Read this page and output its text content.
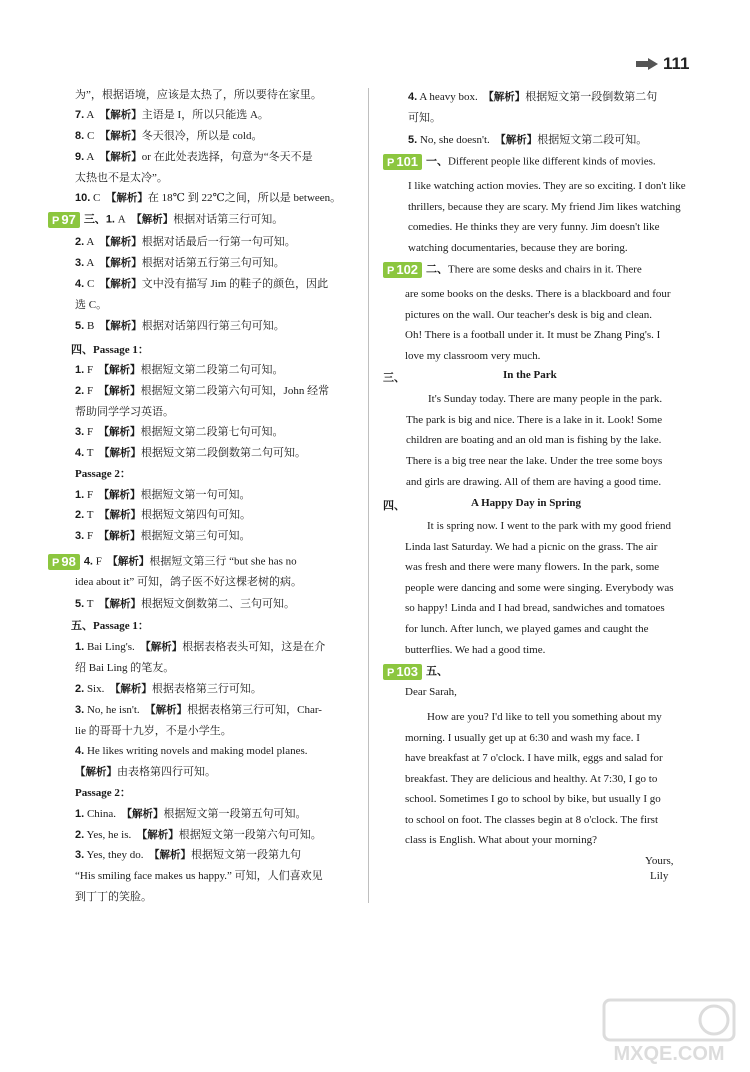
111
为”，根据语境，应该是太热了，所以要待在家里。
7. A 【解析】主语是 I，所以只能选 A。
8. C 【解析】冬天很冷，所以是 cold。
9. A 【解析】or 在此处表选择，句意为“冬天不是
太热也不是太冷”。
10. C 【解析】在 18℃ 到 22℃之间，所以是 between。
P 97 三、1. A 【解析】根据对话第三行可知。
2. A 【解析】根据对话最后一行第一句可知。
3. A 【解析】根据对话第五行第三句可知。
4. C 【解析】文中没有描写 Jim 的鞋子的颜色，因此
选 C。
5. B 【解析】根据对话第四行第三句可知。
四、Passage 1：
1. F 【解析】根据短文第二段第二句可知。
2. F 【解析】根据短文第二段第六句可知，John 经常
帮助同学学习英语。
3. F 【解析】根据短文第二段第七句可知。
4. T 【解析】根据短文第二段倒数第二句可知。
Passage 2：
1. F 【解析】根据短文第一句可知。
2. T 【解析】根据短文第四句可知。
3. F 【解析】根据短文第三句可知。
P 98 4. F 【解析】根据短文第三行 “but she has no
idea about it” 可知，鸽子医不好这棵老树的病。
5. T 【解析】根据短文倒数第二、三句可知。
五、Passage 1：
1. Bai Ling's. 【解析】根据表格表头可知，这是在介
绍 Bai Ling 的笔友。
2. Six. 【解析】根据表格第三行可知。
3. No, he isn't. 【解析】根据表格第三行可知，Char-
lie 的哥哥十九岁，不是小学生。
4. He likes writing novels and making model planes.
【解析】由表格第四行可知。
Passage 2：
1. China. 【解析】根据短文第一段第五句可知。
2. Yes, he is. 【解析】根据短文第一段第六句可知。
3. Yes, they do. 【解析】根据短文第一段第九句
“His smiling face makes us happy.” 可知，人们喜欢见
到丁丁的笑脸。
4. A heavy box. 【解析】根据短文第一段倒数第二句
可知。
5. No, she doesn't. 【解析】根据短文第二段可知。
P 101 一、Different people like different kinds of movies.
I like watching action movies. They are so exciting. I don't like
thrillers, because they are scary. My friend Jim likes watching
comedies. He thinks they are very funny. Jim doesn't like
watching documentaries, because they are boring.
P 102 二、There are some desks and chairs in it. There
are some books on the desks. There is a blackboard and four
pictures on the wall. Our teacher's desk is big and clean.
Oh! There is a football under it. It must be Zhang Ping's. I
love my classroom very much.
三、	In the Park
It's Sunday today. There are many people in the park.
The park is big and nice. There is a lake in it. Look! Some
children are boating and an old man is fishing by the lake.
There is a big tree near the lake. Under the tree some boys
and girls are drawing. All of them are having a good time.
四、	A Happy Day in Spring
It is spring now. I went to the park with my good friend
Linda last Saturday. We had a picnic on the grass. The air
was fresh and there were many flowers. In the park, some
people were dancing and some were singing. Everybody was
so happy! Linda and I had bread, sandwiches and tomatoes
for lunch. After lunch, we played games and caught the
butterflies. We had a good time.
P 103 五、
Dear Sarah,
How are you? I'd like to tell you something about my
morning. I usually get up at 6:30 and wash my face. I
have breakfast at 7 o'clock. I have milk, eggs and salad for
breakfast. They are delicious and healthy. At 7:30, I go to
school. Sometimes I go to school by bike, but usually I go
to school on foot. The classes begin at 8 o'clock. The first
class is English. What about your morning?
Yours,
Lily
MXQE.COM
